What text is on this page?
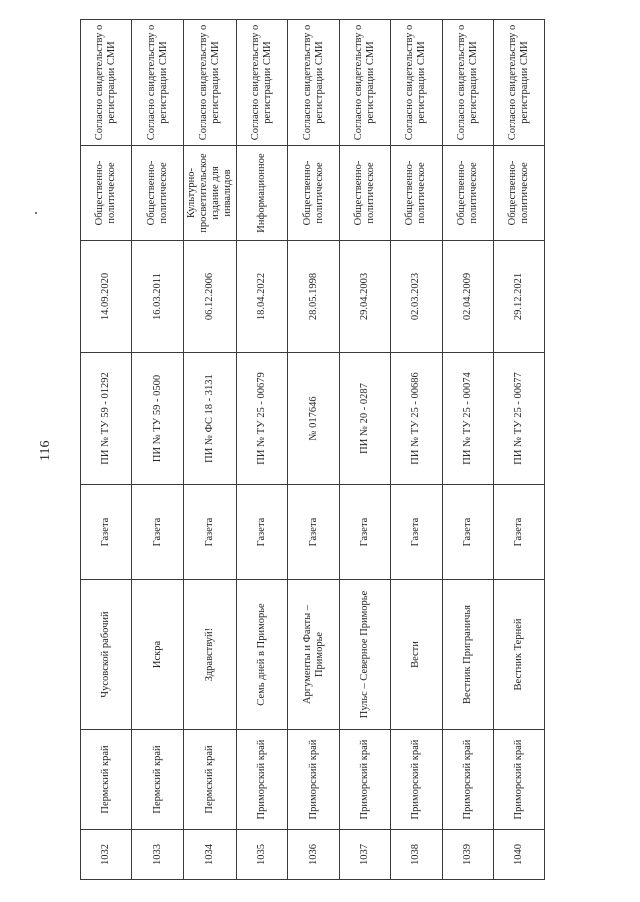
116
1032	Пермский край	Чусовской рабочий	Газета	ПИ № ТУ 59 - 01292	14.09.2020	Общественно-политическое	Согласно свидетельству о регистрации СМИ
1033	Пермский край	Искра	Газета	ПИ № ТУ 59 - 0500	16.03.2011	Общественно-политическое	Согласно свидетельству о регистрации СМИ
1034	Пермский край	Здравствуй!	Газета	ПИ № ФС 18 - 3131	06.12.2006	Культурно-просветительское издание для инвалидов	Согласно свидетельству о регистрации СМИ
1035	Приморский край	Семь дней в Приморье	Газета	ПИ № ТУ 25 - 00679	18.04.2022	Информационное	Согласно свидетельству о регистрации СМИ
1036	Приморский край	Аргументы и Факты – Приморье	Газета	№ 017646	28.05.1998	Общественно-политическое	Согласно свидетельству о регистрации СМИ
1037	Приморский край	Пульс – Северное Приморье	Газета	ПИ № 20 - 0287	29.04.2003	Общественно-политическое	Согласно свидетельству о регистрации СМИ
1038	Приморский край	Вести	Газета	ПИ № ТУ 25 - 00686	02.03.2023	Общественно-политическое	Согласно свидетельству о регистрации СМИ
1039	Приморский край	Вестник Приграничья	Газета	ПИ № ТУ 25 - 00074	02.04.2009	Общественно-политическое	Согласно свидетельству о регистрации СМИ
1040	Приморский край	Вестник Терней	Газета	ПИ № ТУ 25 - 00677	29.12.2021	Общественно-политическое	Согласно свидетельству о регистрации СМИ
